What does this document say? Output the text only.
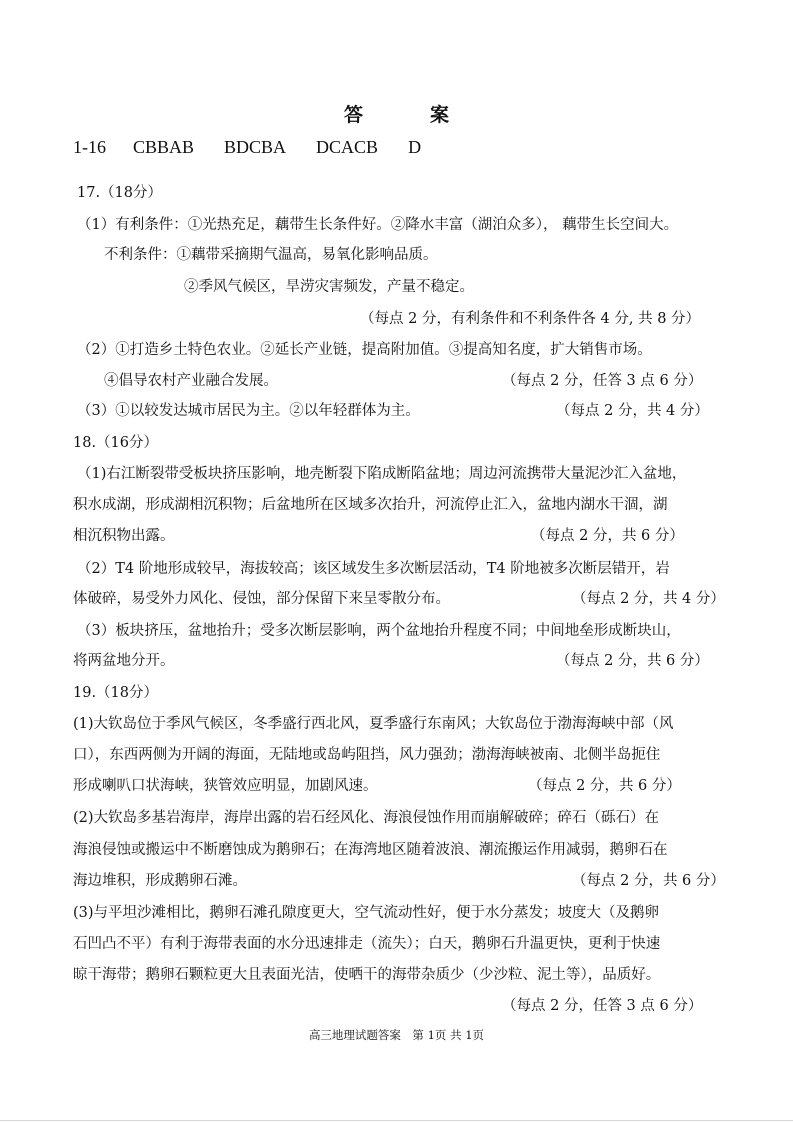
答　案
1-16	CBBAB BDCBA DCACB D
17.（18分）
（1）有利条件：①光热充足，藕带生长条件好。②降水丰富（湖泊众多）， 藕带生长空间大。
不利条件：①藕带采摘期气温高，易氧化影响品质。
②季风气候区，旱涝灾害频发，产量不稳定。
（每点 2 分，有利条件和不利条件各 4 分, 共 8 分）
（2）①打造乡土特色农业。②延长产业链，提高附加值。③提高知名度，扩大销售市场。
④倡导农村产业融合发展。	（每点 2 分，任答 3 点 6 分）
（3）①以较发达城市居民为主。②以年轻群体为主。	（每点 2 分，共 4 分）
18.（16分）
（1)右江断裂带受板块挤压影响，地壳断裂下陷成断陷盆地；周边河流携带大量泥沙汇入盆地，
积水成湖，形成湖相沉积物；后盆地所在区域多次抬升，河流停止汇入，盆地内湖水干涸，湖
相沉积物出露。	（每点 2 分，共 6 分）
（2）T4 阶地形成较早，海拔较高；该区域发生多次断层活动，T4 阶地被多次断层错开，岩
体破碎，易受外力风化、侵蚀，部分保留下来呈零散分布。	（每点 2 分，共 4 分）
（3）板块挤压，盆地抬升；受多次断层影响，两个盆地抬升程度不同；中间地垒形成断块山，
将两盆地分开。	（每点 2 分，共 6 分）
19.（18分）
(1)大钦岛位于季风气候区，冬季盛行西北风，夏季盛行东南风；大钦岛位于渤海海峡中部（风
口），东西两侧为开阔的海面，无陆地或岛屿阻挡，风力强劲；渤海海峡被南、北侧半岛扼住
形成喇叭口状海峡，狭管效应明显，加剧风速。	（每点 2 分，共 6 分）
(2)大钦岛多基岩海岸，海岸出露的岩石经风化、海浪侵蚀作用而崩解破碎；碎石（砾石）在
海浪侵蚀或搬运中不断磨蚀成为鹅卵石；在海湾地区随着波浪、潮流搬运作用减弱，鹅卵石在
海边堆积，形成鹅卵石滩。	（每点 2 分，共 6 分）
(3)与平坦沙滩相比，鹅卵石滩孔隙度更大，空气流动性好，便于水分蒸发；坡度大（及鹅卵
石凹凸不平）有利于海带表面的水分迅速排走（流失）；白天，鹅卵石升温更快，更利于快速
晾干海带；鹅卵石颗粒更大且表面光洁，使晒干的海带杂质少（少沙粒、泥土等），品质好。
（每点 2 分，任答 3 点 6 分）
高三地理试题答案　第 1页 共 1页
